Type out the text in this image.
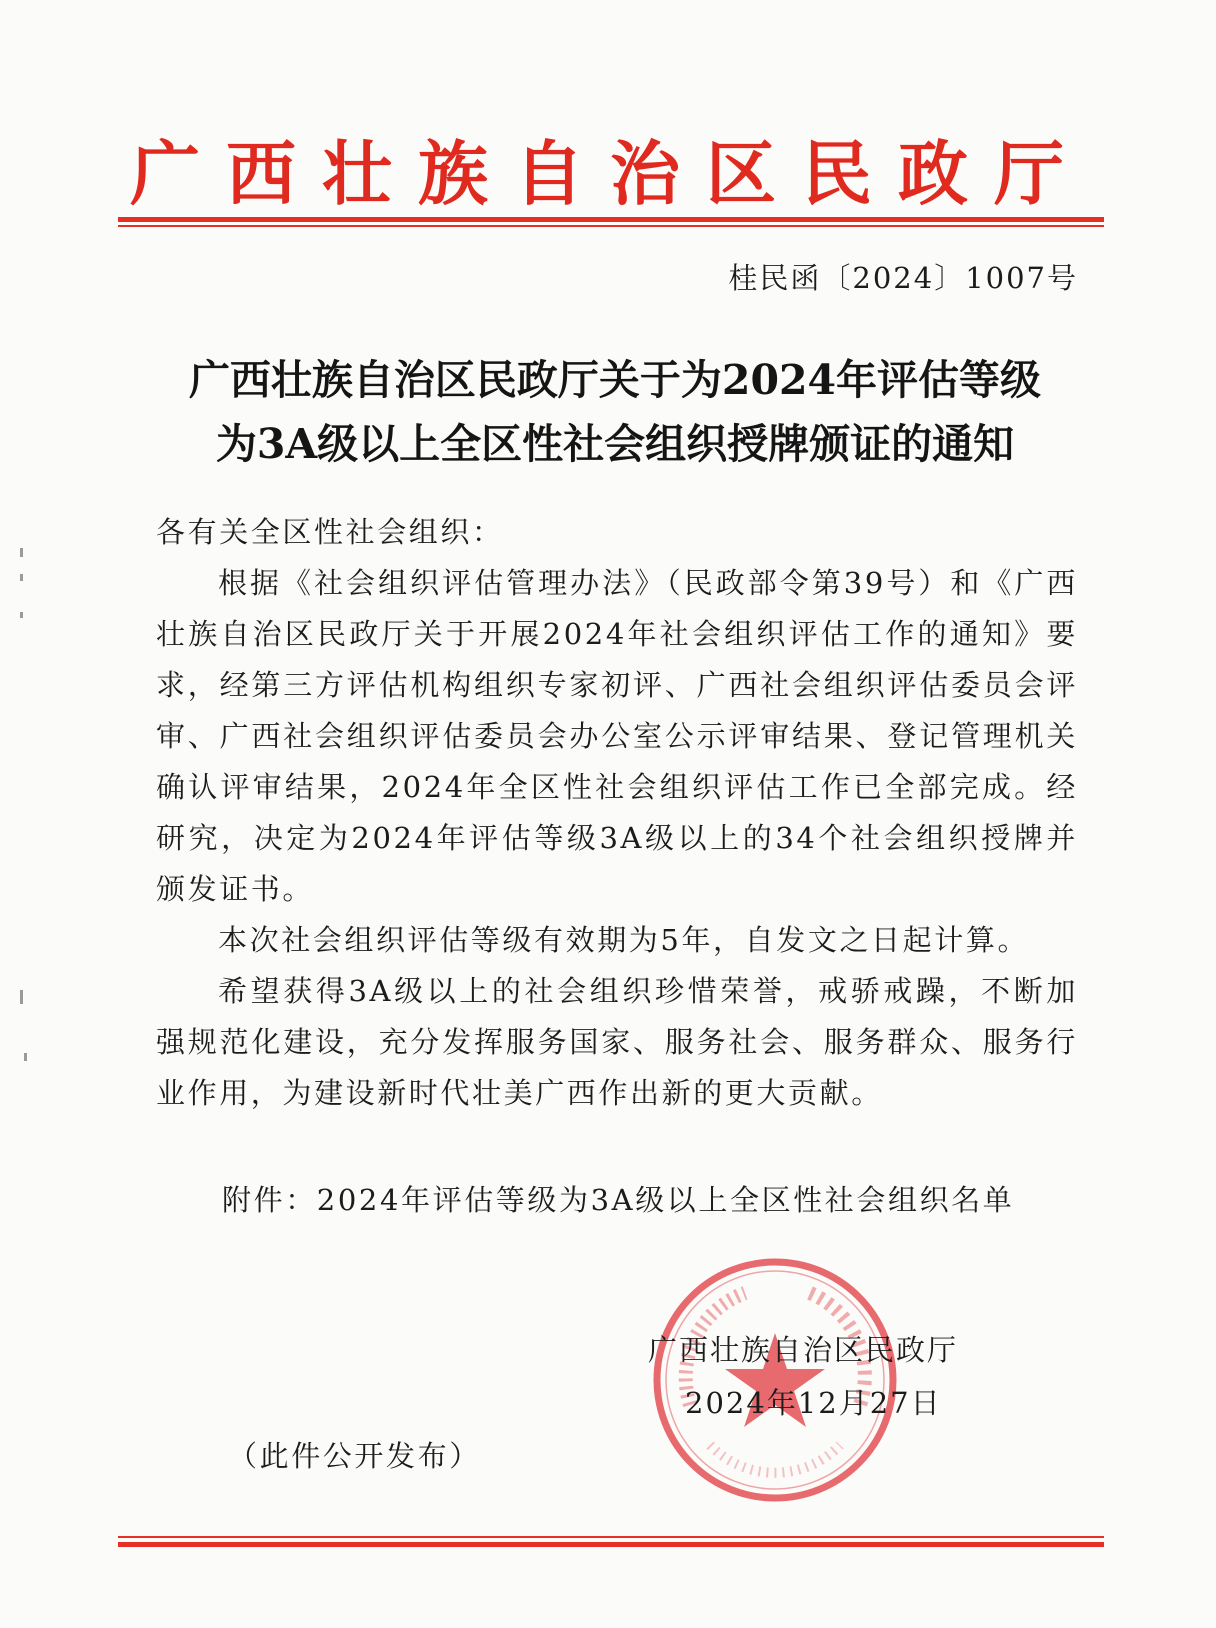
广西壮族自治区民政厅
桂民函〔2024〕1007号
广西壮族自治区民政厅关于为2024年评估等级
为3A级以上全区性社会组织授牌颁证的通知

各有关全区性社会组织：

根据《社会组织评估管理办法》（民政部令第39号）和《广西壮族自治区民政厅关于开展2024年社会组织评估工作的通知》要求，经第三方评估机构组织专家初评、广西社会组织评估委员会评审、广西社会组织评估委员会办公室公示评审结果、登记管理机关确认评审结果，2024年全区性社会组织评估工作已全部完成。经研究，决定为2024年评估等级3A级以上的34个社会组织授牌并颁发证书。

本次社会组织评估等级有效期为5年，自发文之日起计算。

希望获得3A级以上的社会组织珍惜荣誉，戒骄戒躁，不断加强规范化建设，充分发挥服务国家、服务社会、服务群众、服务行业作用，为建设新时代壮美广西作出新的更大贡献。

附件：2024年评估等级为3A级以上全区性社会组织名单
广西壮族自治区民政厅
2024年12月27日
（此件公开发布）
